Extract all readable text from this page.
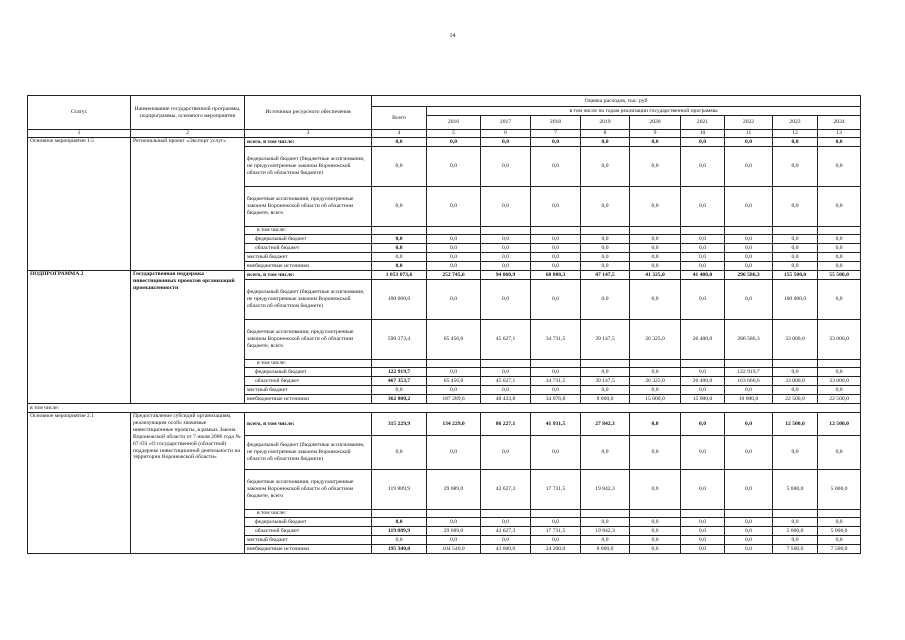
14
Статус	Наименование государственной программы, подпрограммы, основного мероприятия	Источники ресурсного обеспечения	Оценка расходов, тыс. руб									
			Всего	в том числе по годам реализации государственной программы								
				2016	2017	2018	2019	2020	2021	2022	2023	2024
1	2	3	4	5	6	7	8	9	10	11	12	13
Основное мероприятие 1.5	Региональный проект «Экспорт услуг»	всего, в том числе:	0,0	0,0	0,0	0,0	0,0	0,0	0,0	0,0	0,0	0,0
		федеральный бюджет (бюджетные ассигнования, не предусмотренные законом Воронежской области об областном бюджете)	0,0	0,0	0,0	0,0	0,0	0,0	0,0	0,0	0,0	0,0
		бюджетные ассигнования, предусмотренные законом Воронежской области об областном бюджете, всего	0,0	0,0	0,0	0,0	0,0	0,0	0,0	0,0	0,0	0,0
		в том числе:										
		федеральный бюджет	0,0	0,0	0,0	0,0	0,0	0,0	0,0	0,0	0,0	0,0
		областной бюджет	0,0	0,0	0,0	0,0	0,0	0,0	0,0	0,0	0,0	0,0
		местный бюджет	0,0	0,0	0,0	0,0	0,0	0,0	0,0	0,0	0,0	0,0
		внебюджетные источники	0,0	0,0	0,0	0,0	0,0	0,0	0,0	0,0	0,0	0,0
ПОДПРОГРАММА 2	Государственная поддержка инвестиционных проектов организаций промышленности	всего, в том числе:	1 053 073,6	252 745,6	94 060,9	68 808,3	47 147,5	41 325,0	41 400,0	296 586,3	155 500,0	55 500,0
		федеральный бюджет (бюджетные ассигнования, не предусмотренные законом Воронежской области об областном бюджете)	100 000,0	0,0	0,0	0,0	0,0	0,0	0,0	0,0	100 000,0	0,0
		бюджетные ассигнования, предусмотренные законом Воронежской области об областном бюджете, всего	590 273,4	65 456,0	45 627,1	34 731,5	39 147,5	26 325,0	26 400,0	286 586,3	33 000,0	33 000,0
		в том числе:										
		федеральный бюджет	122 919,7	0,0	0,0	0,0	0,0	0,0	0,0	122 919,7	0,0	0,0
		областной бюджет	467 353,7	65 456,0	45 627,1	34 731,5	39 147,5	26 325,0	26 400,0	163 666,6	33 000,0	33 000,0
		местный бюджет	0,0	0,0	0,0	0,0	0,0	0,0	0,0	0,0	0,0	0,0
		внебюджетные источники	362 800,2	187 289,6	48 433,8	34 076,8	8 000,0	15 000,0	15 000,0	10 000,0	22 500,0	22 500,0
в том числе:												
Основное мероприятие 2.1	Предоставление субсидий организациям, реализующим особо значимые инвестиционные проекты, в рамках Закона Воронежской области от 7 июля 2006 года № 67-ОЗ «О государственной (областной) поддержке инвестиционной деятельности на территории Воронежской области»	всего, в том числе:	315 229,9	134 229,0	86 227,1	41 931,5	27 842,3	0,0	0,0	0,0	12 500,0	12 500,0
		федеральный бюджет (бюджетные ассигнования, не предусмотренные законом Воронежской области об областном бюджете)	0,0	0,0	0,0	0,0	0,0	0,0	0,0	0,0	0,0	0,0
		бюджетные ассигнования, предусмотренные законом Воронежской области об областном бюджете, всего	119 889,9	29 689,0	42 627,3	17 731,5	19 842,3	0,0	0,0	0,0	5 000,0	5 000,0
		в том числе:										
		федеральный бюджет	0,0	0,0	0,0	0,0	0,0	0,0	0,0	0,0	0,0	0,0
		областной бюджет	119 889,9	29 689,0	42 627,3	17 731,5	19 842,3	0,0	0,0	0,0	5 000,0	5 000,0
		местный бюджет	0,0	0,0	0,0	0,0	0,0	0,0	0,0	0,0	0,0	0,0
		внебюджетные источники	195 340,0	104 540,0	43 600,0	24 200,0	8 000,0	0,0	0,0	0,0	7 500,0	7 500,0
